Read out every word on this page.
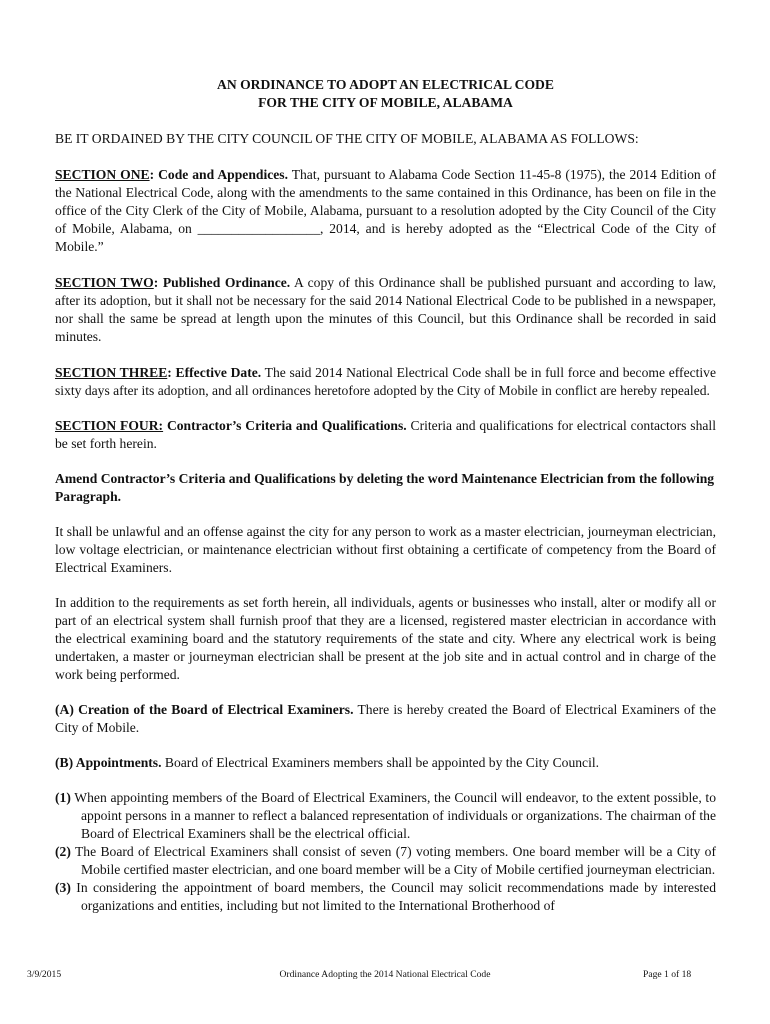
AN ORDINANCE TO ADOPT AN ELECTRICAL CODE
FOR THE CITY OF MOBILE, ALABAMA

BE IT ORDAINED BY THE CITY COUNCIL OF THE CITY OF MOBILE, ALABAMA AS FOLLOWS:

SECTION ONE: Code and Appendices. That, pursuant to Alabama Code Section 11-45-8 (1975), the 2014 Edition of the National Electrical Code, along with the amendments to the same contained in this Ordinance, has been on file in the office of the City Clerk of the City of Mobile, Alabama, pursuant to a resolution adopted by the City Council of the City of Mobile, Alabama, on __________________, 2014, and is hereby adopted as the “Electrical Code of the City of Mobile.”

SECTION TWO: Published Ordinance. A copy of this Ordinance shall be published pursuant and according to law, after its adoption, but it shall not be necessary for the said 2014 National Electrical Code to be published in a newspaper, nor shall the same be spread at length upon the minutes of this Council, but this Ordinance shall be recorded in said minutes.

SECTION THREE: Effective Date. The said 2014 National Electrical Code shall be in full force and become effective sixty days after its adoption, and all ordinances heretofore adopted by the City of Mobile in conflict are hereby repealed.

SECTION FOUR: Contractor’s Criteria and Qualifications. Criteria and qualifications for electrical contactors shall be set forth herein.

Amend Contractor’s Criteria and Qualifications by deleting the word Maintenance Electrician from the following Paragraph.

It shall be unlawful and an offense against the city for any person to work as a master electrician, journeyman electrician, low voltage electrician, or maintenance electrician without first obtaining a certificate of competency from the Board of Electrical Examiners.

In addition to the requirements as set forth herein, all individuals, agents or businesses who install, alter or modify all or part of an electrical system shall furnish proof that they are a licensed, registered master electrician in accordance with the electrical examining board and the statutory requirements of the state and city. Where any electrical work is being undertaken, a master or journeyman electrician shall be present at the job site and in actual control and in charge of the work being performed.

(A) Creation of the Board of Electrical Examiners. There is hereby created the Board of Electrical Examiners of the City of Mobile.

(B) Appointments. Board of Electrical Examiners members shall be appointed by the City Council.

(1) When appointing members of the Board of Electrical Examiners, the Council will endeavor, to the extent possible, to appoint persons in a manner to reflect a balanced representation of individuals or organizations. The chairman of the Board of Electrical Examiners shall be the electrical official.

(2) The Board of Electrical Examiners shall consist of seven (7) voting members. One board member will be a City of Mobile certified master electrician, and one board member will be a City of Mobile certified journeyman electrician.

(3) In considering the appointment of board members, the Council may solicit recommendations made by interested organizations and entities, including but not limited to the International Brotherhood of

3/9/2015	Ordinance Adopting the 2014 National Electrical Code	Page 1 of 18
